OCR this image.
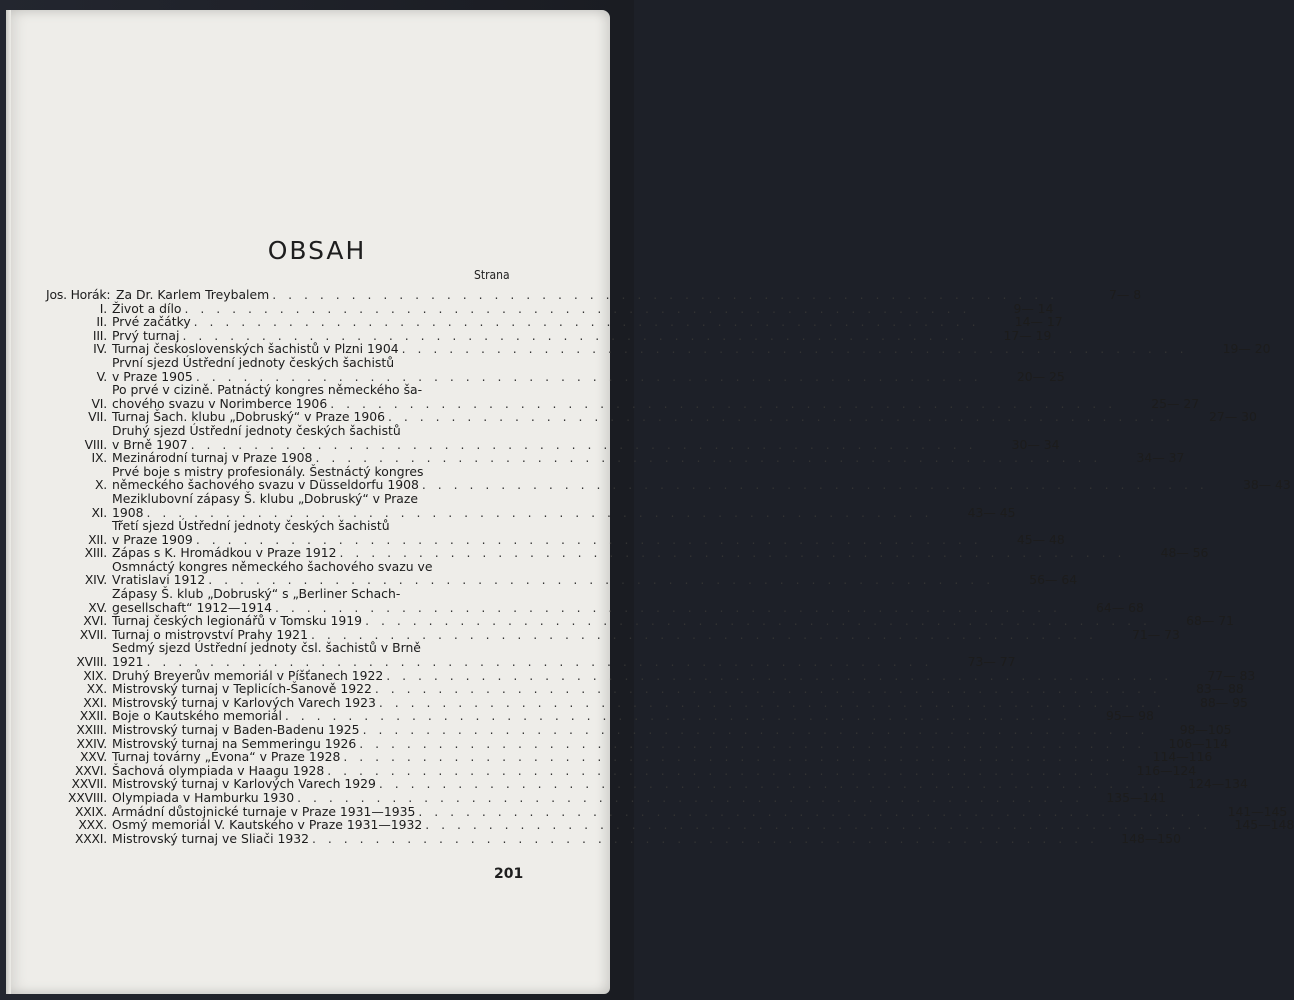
OBSAH
Strana
Jos. Horák: Za Dr. Karlem Treybalem . . . . . . . . . . . . . . . . . . . . . . . . . . . . . . . . . . . . . . . . . . . . . . . . . .	7— 8
I. Život a dílo . . . . . . . . . . . . . . . . . . . . . . . . . . . . . . . . . . . . . . . . . . . . . . . . . .	9— 14
II. Prvé začátky . . . . . . . . . . . . . . . . . . . . . . . . . . . . . . . . . . . . . . . . . . . . . . . . . .	14— 17
III. Prvý turnaj . . . . . . . . . . . . . . . . . . . . . . . . . . . . . . . . . . . . . . . . . . . . . . . . . .	17— 19
IV. Turnaj československých šachistů v Plzni 1904 . . . . . . . . . . . . . . . . . . . . . . . . . . . . . . . . . . . . . . . . . . . . . . . . . .	19— 20
V.
První sjezd Ústřední jednoty českých šachistů
v Praze 1905 . . . . . . . . . . . . . . . . . . . . . . . . . . . . . . . . . . . . . . . . . . . . . . . . . .	20— 25
VI.
Po prvé v cizině. Patnáctý kongres německého ša-
chového svazu v Norimberce 1906 . . . . . . . . . . . . . . . . . . . . . . . . . . . . . . . . . . . . . . . . . . . . . . . . . .	25— 27
VII. Turnaj Šach. klubu „Dobruský“ v Praze 1906 . . . . . . . . . . . . . . . . . . . . . . . . . . . . . . . . . . . . . . . . . . . . . . . . . .	27— 30
VIII.
Druhý sjezd Ústřední jednoty českých šachistů
v Brně 1907 . . . . . . . . . . . . . . . . . . . . . . . . . . . . . . . . . . . . . . . . . . . . . . . . . .	30— 34
IX. Mezinárodní turnaj v Praze 1908 . . . . . . . . . . . . . . . . . . . . . . . . . . . . . . . . . . . . . . . . . . . . . . . . . .	34— 37
X.
Prvé boje s mistry profesionály. Šestnáctý kongres
německého šachového svazu v Düsseldorfu 1908 . . . . . . . . . . . . . . . . . . . . . . . . . . . . . . . . . . . . . . . . . . . . . . . . . .	38— 43
XI.
Meziklubovní zápasy Š. klubu „Dobruský“ v Praze
1908 . . . . . . . . . . . . . . . . . . . . . . . . . . . . . . . . . . . . . . . . . . . . . . . . . .	43— 45
XII.
Třetí sjezd Ústřední jednoty českých šachistů
v Praze 1909 . . . . . . . . . . . . . . . . . . . . . . . . . . . . . . . . . . . . . . . . . . . . . . . . . .	45— 48
XIII. Zápas s K. Hromádkou v Praze 1912 . . . . . . . . . . . . . . . . . . . . . . . . . . . . . . . . . . . . . . . . . . . . . . . . . .	48— 56
XIV.
Osmnáctý kongres německého šachového svazu ve
Vratislavi 1912 . . . . . . . . . . . . . . . . . . . . . . . . . . . . . . . . . . . . . . . . . . . . . . . . . .	56— 64
XV.
Zápasy Š. klub „Dobruský“ s „Berliner Schach-
gesellschaft“ 1912—1914 . . . . . . . . . . . . . . . . . . . . . . . . . . . . . . . . . . . . . . . . . . . . . . . . . .	64— 68
XVI. Turnaj českých legionářů v Tomsku 1919 . . . . . . . . . . . . . . . . . . . . . . . . . . . . . . . . . . . . . . . . . . . . . . . . . .	68— 71
XVII. Turnaj o mistrovství Prahy 1921 . . . . . . . . . . . . . . . . . . . . . . . . . . . . . . . . . . . . . . . . . . . . . . . . . .	71— 73
XVIII.
Sedmý sjezd Ústřední jednoty čsl. šachistů v Brně
1921 . . . . . . . . . . . . . . . . . . . . . . . . . . . . . . . . . . . . . . . . . . . . . . . . . .	73— 77
XIX. Druhý Breyerův memoriál v Píšťanech 1922 . . . . . . . . . . . . . . . . . . . . . . . . . . . . . . . . . . . . . . . . . . . . . . . . . .	77— 83
XX. Mistrovský turnaj v Teplicích-Šanově 1922 . . . . . . . . . . . . . . . . . . . . . . . . . . . . . . . . . . . . . . . . . . . . . . . . . .	83— 88
XXI. Mistrovský turnaj v Karlových Varech 1923 . . . . . . . . . . . . . . . . . . . . . . . . . . . . . . . . . . . . . . . . . . . . . . . . . .	88— 95
XXII. Boje o Kautského memoriál . . . . . . . . . . . . . . . . . . . . . . . . . . . . . . . . . . . . . . . . . . . . . . . . . .	95— 98
XXIII. Mistrovský turnaj v Baden-Badenu 1925 . . . . . . . . . . . . . . . . . . . . . . . . . . . . . . . . . . . . . . . . . . . . . . . . . .	98—105
XXIV. Mistrovský turnaj na Semmeringu 1926 . . . . . . . . . . . . . . . . . . . . . . . . . . . . . . . . . . . . . . . . . . . . . . . . . .	106—114
XXV. Turnaj továrny „Evona“ v Praze 1928 . . . . . . . . . . . . . . . . . . . . . . . . . . . . . . . . . . . . . . . . . . . . . . . . . .	114—116
XXVI. Šachová olympiada v Haagu 1928 . . . . . . . . . . . . . . . . . . . . . . . . . . . . . . . . . . . . . . . . . . . . . . . . . .	116—124
XXVII. Mistrovský turnaj v Karlových Varech 1929 . . . . . . . . . . . . . . . . . . . . . . . . . . . . . . . . . . . . . . . . . . . . . . . . . .	124—134
XXVIII. Olympiada v Hamburku 1930 . . . . . . . . . . . . . . . . . . . . . . . . . . . . . . . . . . . . . . . . . . . . . . . . . .	135—141
XXIX. Armádní důstojnické turnaje v Praze 1931—1935 . . . . . . . . . . . . . . . . . . . . . . . . . . . . . . . . . . . . . . . . . . . . . . . . . .	141—145
XXX. Osmý memoriál V. Kautského v Praze 1931—1932 . . . . . . . . . . . . . . . . . . . . . . . . . . . . . . . . . . . . . . . . . . . . . . . . . .	145—148
XXXI. Mistrovský turnaj ve Sliači 1932 . . . . . . . . . . . . . . . . . . . . . . . . . . . . . . . . . . . . . . . . . . . . . . . . . .	148—150
201
